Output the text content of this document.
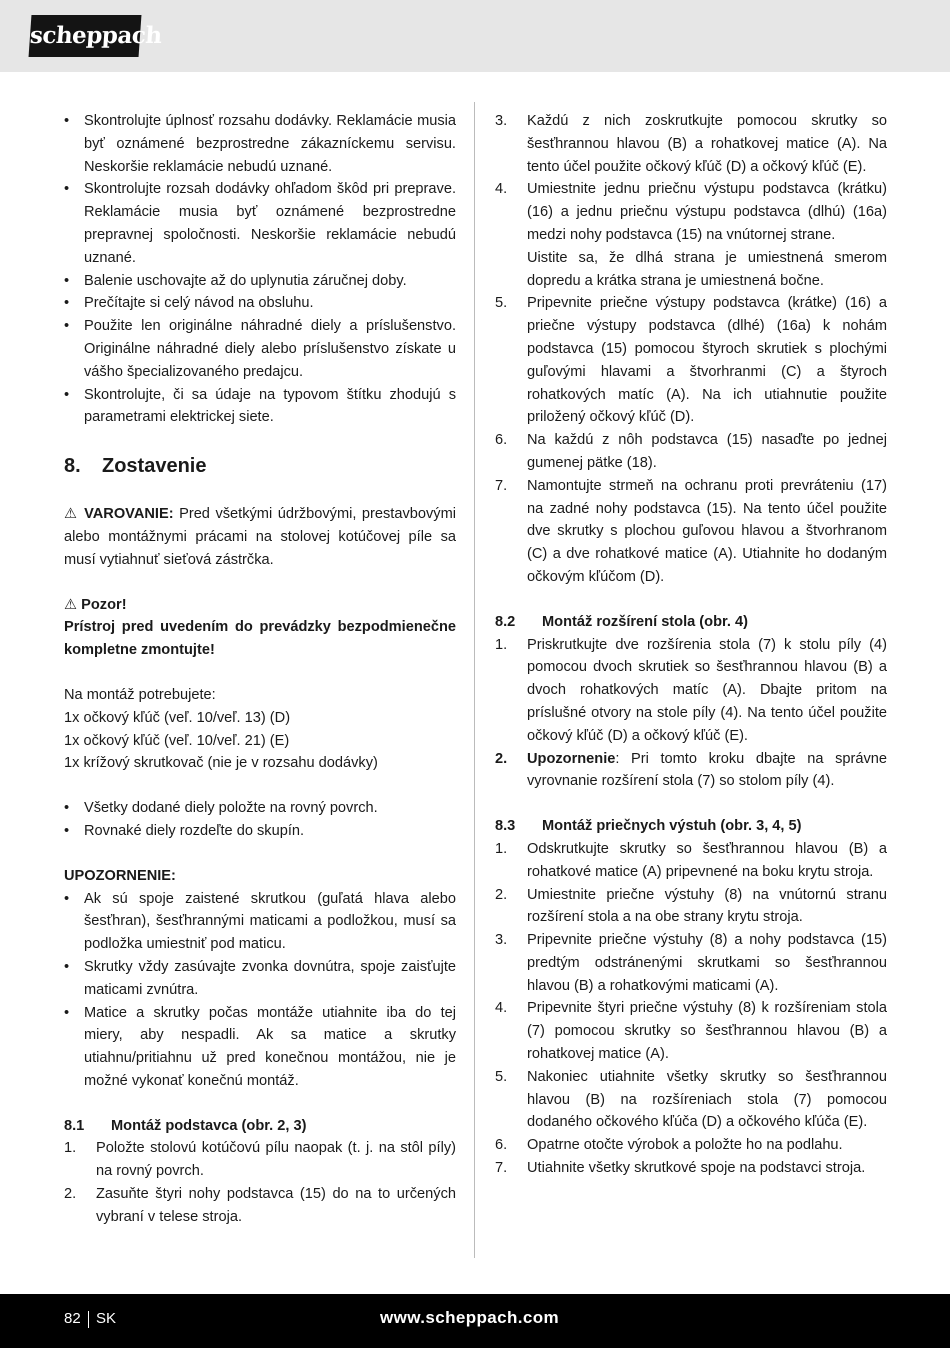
scheppach
• Skontrolujte úplnosť rozsahu dodávky. Reklamácie musia byť oznámené bezprostredne zákazníckemu servisu. Neskoršie reklamácie nebudú uznané.
• Skontrolujte rozsah dodávky ohľadom škôd pri preprave. Reklamácie musia byť oznámené bezprostredne prepravnej spoločnosti. Neskoršie reklamácie nebudú uznané.
• Balenie uschovajte až do uplynutia záručnej doby.
• Prečítajte si celý návod na obsluhu.
• Použite len originálne náhradné diely a príslušenstvo. Originálne náhradné diely alebo príslušenstvo získate u vášho špecializovaného predajcu.
• Skontrolujte, či sa údaje na typovom štítku zhodujú s parametrami elektrickej siete.
8. Zostavenie

⚠ VAROVANIE: Pred všetkými údržbovými, prestavbovými alebo montážnymi prácami na stolovej kotúčovej píle sa musí vytiahnuť sieťová zástrčka.

⚠ Pozor!

Prístroj pred uvedením do prevádzky bezpodmienečne kompletne zmontujte!

Na montáž potrebujete:

1x očkový kľúč (veľ. 10/veľ. 13) (D)

1x očkový kľúč (veľ. 10/veľ. 21) (E)

1x krížový skrutkovač (nie je v rozsahu dodávky)

• Všetky dodané diely položte na rovný povrch.
• Rovnaké diely rozdeľte do skupín.

UPOZORNENIE:

• Ak sú spoje zaistené skrutkou (guľatá hlava alebo šesťhran), šesťhrannými maticami a podložkou, musí sa podložka umiestniť pod maticu.
• Skrutky vždy zasúvajte zvonka dovnútra, spoje zaisťujte maticami zvnútra.
• Matice a skrutky počas montáže utiahnite iba do tej miery, aby nespadli. Ak sa matice a skrutky utiahnu/pritiahnu už pred konečnou montážou, nie je možné vykonať konečnú montáž.
8.1 Montáž podstavca (obr. 2, 3)
1. Položte stolovú kotúčovú pílu naopak (t. j. na stôl píly) na rovný povrch.
2. Zasuňte štyri nohy podstavca (15) do na to určených vybraní v telese stroja.
3. Každú z nich zoskrutkujte pomocou skrutky so šesťhrannou hlavou (B) a rohatkovej matice (A). Na tento účel použite očkový kľúč (D) a očkový kľúč (E).
4. Umiestnite jednu priečnu výstupu podstavca (krátku) (16) a jednu priečnu výstupu podstavca (dlhú) (16a) medzi nohy podstavca (15) na vnútornej strane.
Uistite sa, že dlhá strana je umiestnená smerom dopredu a krátka strana je umiestnená bočne.
5. Pripevnite priečne výstupy podstavca (krátke) (16) a priečne výstupy podstavca (dlhé) (16a) k nohám podstavca (15) pomocou štyroch skrutiek s plochými guľovými hlavami a štvorhranmi (C) a štyroch rohatkových matíc (A). Na ich utiahnutie použite priložený očkový kľúč (D).
6. Na každú z nôh podstavca (15) nasaďte po jednej gumenej pätke (18).
7. Namontujte strmeň na ochranu proti prevráteniu (17) na zadné nohy podstavca (15). Na tento účel použite dve skrutky s plochou guľovou hlavou a štvorhranom (C) a dve rohatkové matice (A). Utiahnite ho dodaným očkovým kľúčom (D).
8.2 Montáž rozšírení stola (obr. 4)
1. Priskrutkujte dve rozšírenia stola (7) k stolu píly (4) pomocou dvoch skrutiek so šesťhrannou hlavou (B) a dvoch rohatkových matíc (A). Dbajte pritom na príslušné otvory na stole píly (4). Na tento účel použite očkový kľúč (D) a očkový kľúč (E).
2. Upozornenie: Pri tomto kroku dbajte na správne vyrovnanie rozšírení stola (7) so stolom píly (4).
8.3 Montáž priečnych výstuh (obr. 3, 4, 5)
1. Odskrutkujte skrutky so šesťhrannou hlavou (B) a rohatkové matice (A) pripevnené na boku krytu stroja.
2. Umiestnite priečne výstuhy (8) na vnútornú stranu rozšírení stola a na obe strany krytu stroja.
3. Pripevnite priečne výstuhy (8) a nohy podstavca (15) predtým odstránenými skrutkami so šesťhrannou hlavou (B) a rohatkovými maticami (A).
4. Pripevnite štyri priečne výstuhy (8) k rozšíreniam stola (7) pomocou skrutky so šesťhrannou hlavou (B) a rohatkovej matice (A).
5. Nakoniec utiahnite všetky skrutky so šesťhrannou hlavou (B) na rozšíreniach stola (7) pomocou dodaného očkového kľúča (D) a očkového kľúča (E).
6. Opatrne otočte výrobok a položte ho na podlahu.
7. Utiahnite všetky skrutkové spoje na podstavci stroja.
82 SK	www.scheppach.com
